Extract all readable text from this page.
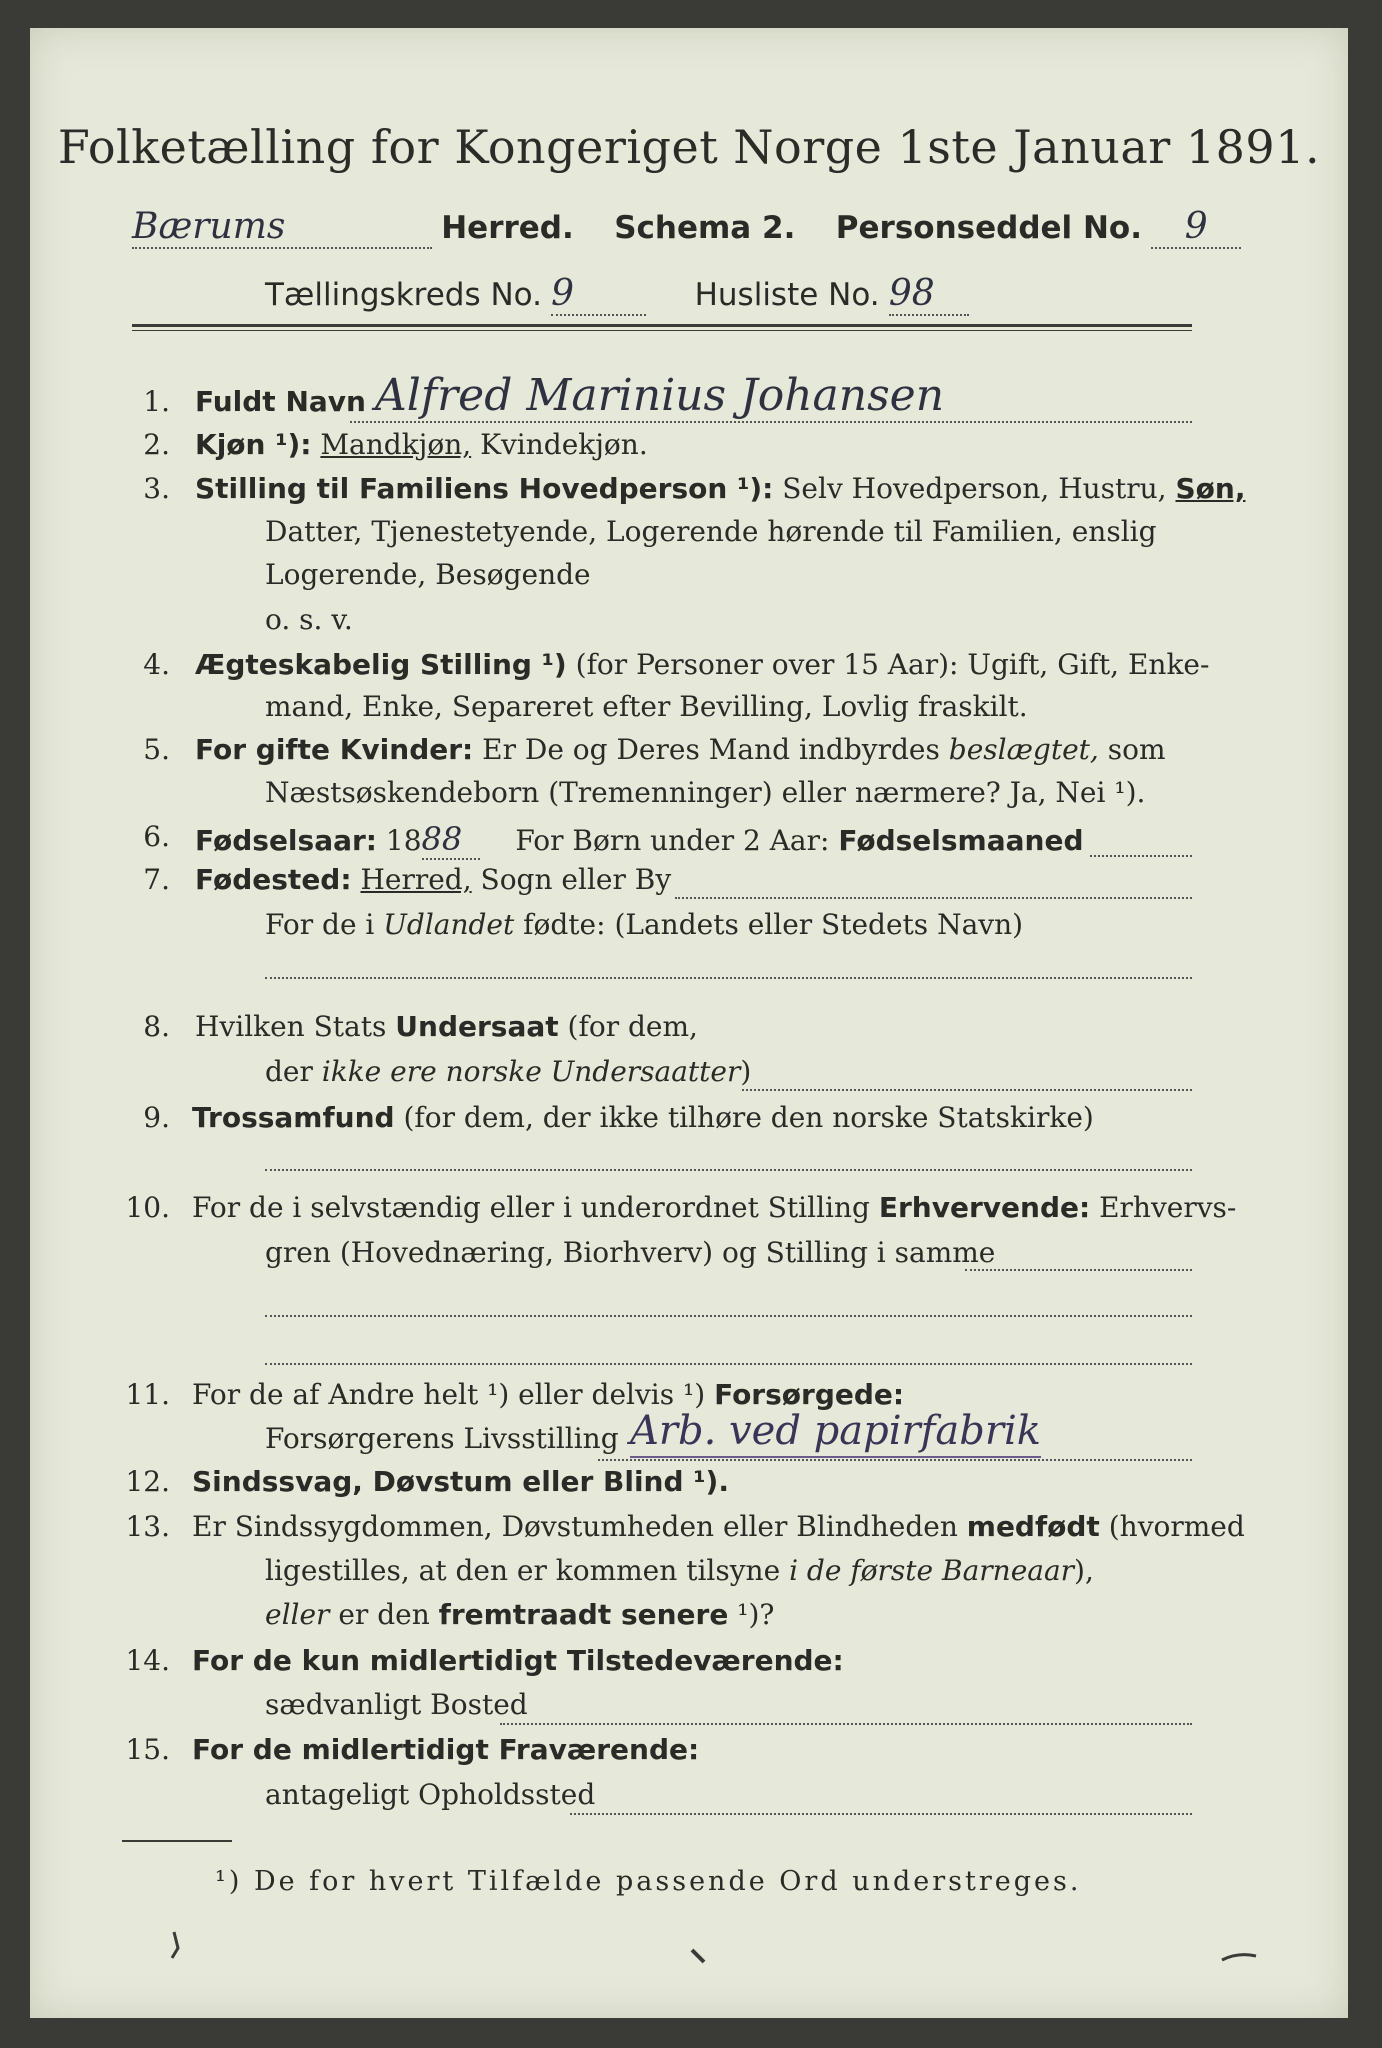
Folketælling for Kongeriget Norge 1ste Januar 1891.
Bærums	Herred. Schema 2. Personseddel No. 9
Tællingskreds No. 9	Husliste No. 98
1. Fuldt Navn Alfred Marinius Johansen
2. Kjøn ¹): Mandkjøn, Kvindekjøn.
3. Stilling til Familiens Hovedperson ¹): Selv Hovedperson, Hustru, Søn,
Datter, Tjenestetyende, Logerende hørende til Familien, enslig
Logerende, Besøgende
o. s. v.
4. Ægteskabelig Stilling ¹) (for Personer over 15 Aar): Ugift, Gift, Enke-
mand, Enke, Separeret efter Bevilling, Lovlig fraskilt.
5. For gifte Kvinder: Er De og Deres Mand indbyrdes beslægtet, som
Næstsøskendeborn (Tremenninger) eller nærmere? Ja, Nei ¹).
6. Fødselsaar: 1888 For Børn under 2 Aar: Fødselsmaaned
7. Fødested: Herred, Sogn eller By
For de i Udlandet fødte: (Landets eller Stedets Navn)
8. Hvilken Stats Undersaat (for dem,
der ikke ere norske Undersaatter)
9. Trossamfund (for dem, der ikke tilhøre den norske Statskirke)
10. For de i selvstændig eller i underordnet Stilling Erhvervende: Erhvervs-
gren (Hovednæring, Biorhverv) og Stilling i samme
11. For de af Andre helt ¹) eller delvis ¹) Forsørgede:
Forsørgerens Livsstilling Arb. ved papirfabrik
12. Sindssvag, Døvstum eller Blind ¹).
13. Er Sindssygdommen, Døvstumheden eller Blindheden medfødt (hvormed
ligestilles, at den er kommen tilsyne i de første Barneaar),
eller er den fremtraadt senere ¹)?
14. For de kun midlertidigt Tilstedeværende:
sædvanligt Bosted
15. For de midlertidigt Fraværende:
antageligt Opholdssted
¹) De for hvert Tilfælde passende Ord understreges.
